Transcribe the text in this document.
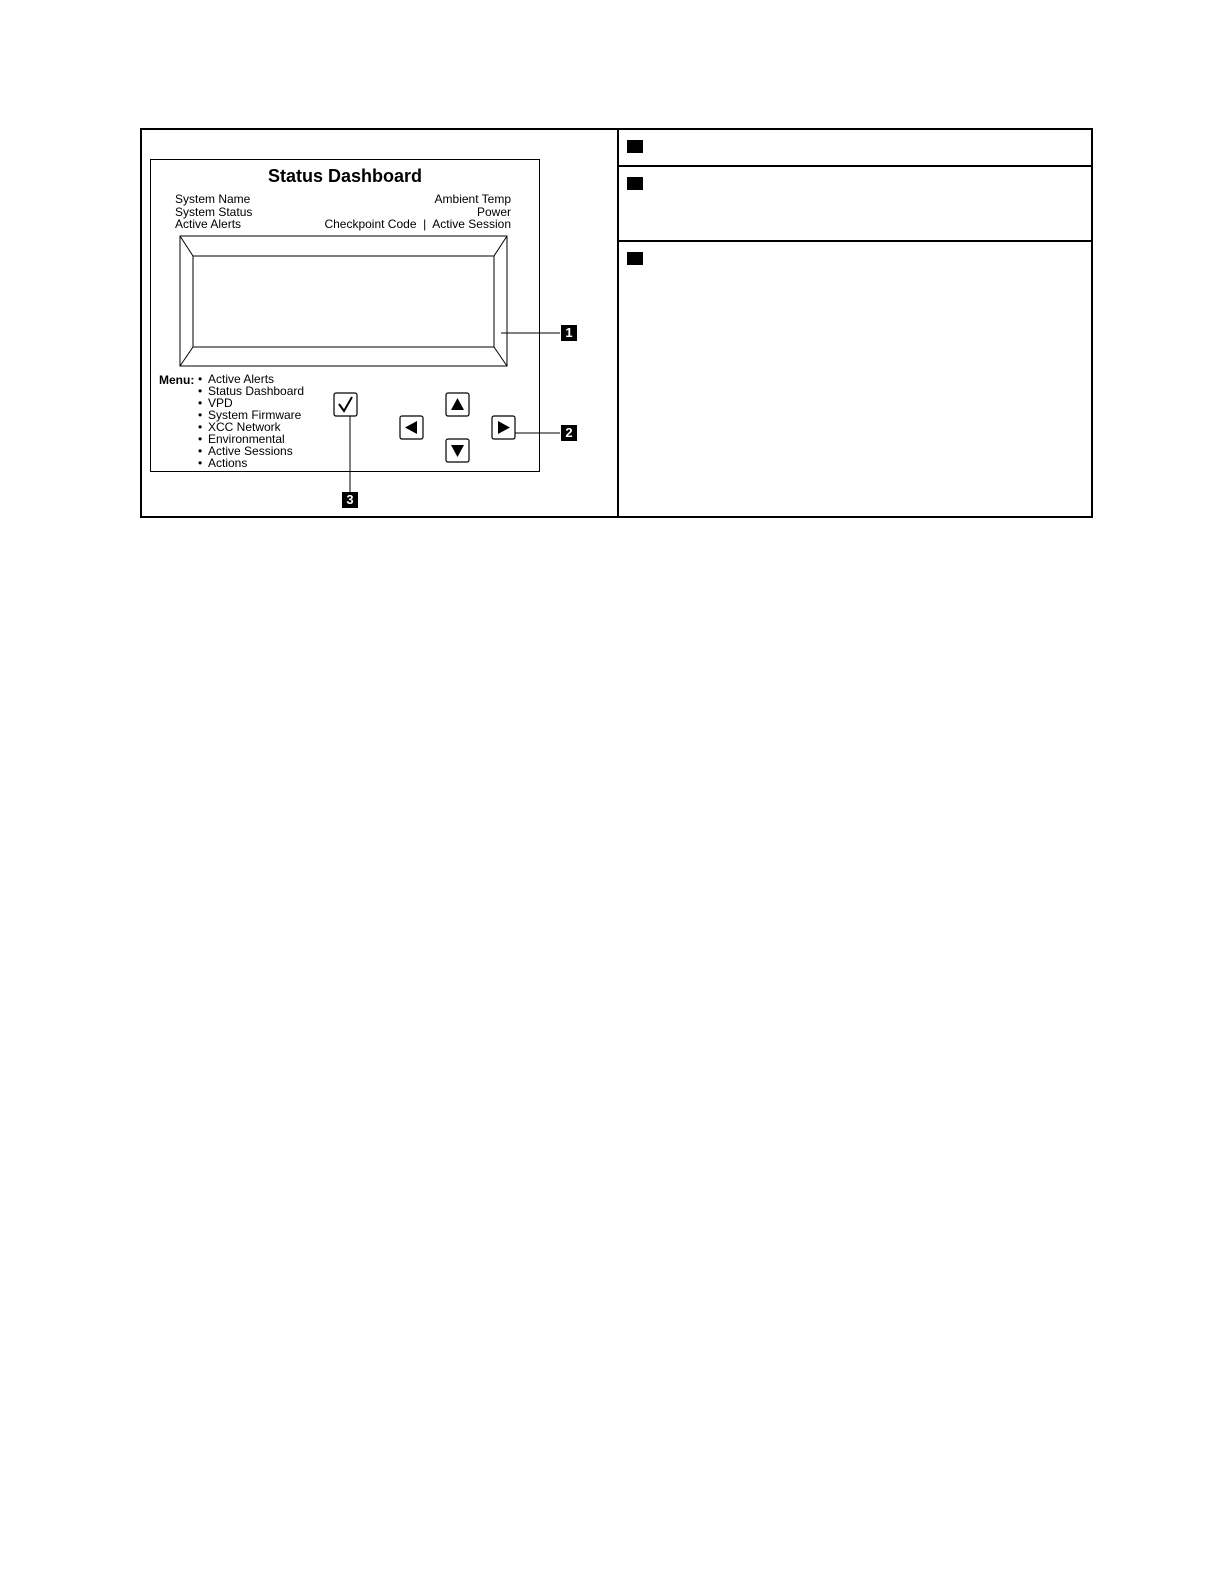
Status Dashboard
System Name
System Status
Active Alerts
Ambient Temp
Power
Checkpoint Code  |  Active Session
Menu:
•	Active Alerts
• Status Dashboard
• VPD
• System Firmware
• XCC Network
• Environmental
• Active Sessions
• Actions
1
2
3
